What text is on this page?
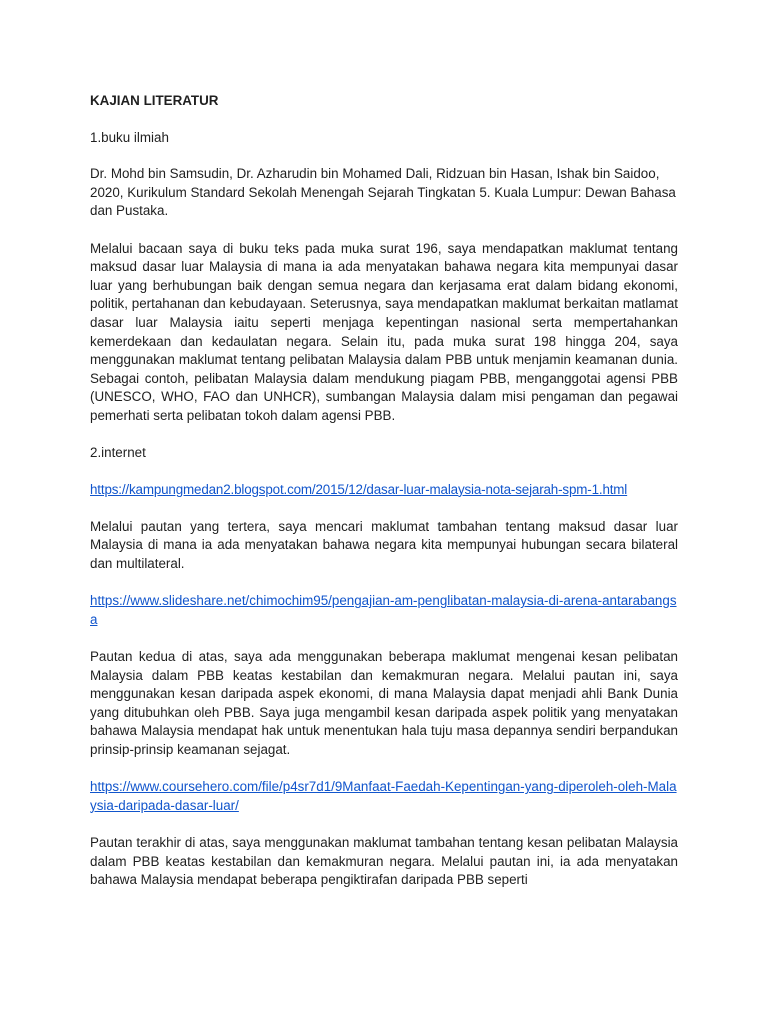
KAJIAN LITERATUR
1.buku ilmiah

Dr. Mohd bin Samsudin, Dr. Azharudin bin Mohamed Dali, Ridzuan bin Hasan, Ishak bin Saidoo, 2020, Kurikulum Standard Sekolah Menengah Sejarah Tingkatan 5. Kuala Lumpur: Dewan Bahasa dan Pustaka.

Melalui bacaan saya di buku teks pada muka surat 196, saya mendapatkan maklumat tentang maksud dasar luar Malaysia di mana ia ada menyatakan bahawa negara kita mempunyai dasar luar yang berhubungan baik dengan semua negara dan kerjasama erat dalam bidang ekonomi, politik, pertahanan dan kebudayaan. Seterusnya, saya mendapatkan maklumat berkaitan matlamat dasar luar Malaysia iaitu seperti menjaga kepentingan nasional serta mempertahankan kemerdekaan dan kedaulatan negara. Selain itu, pada muka surat 198 hingga 204, saya menggunakan maklumat tentang pelibatan Malaysia dalam PBB untuk menjamin keamanan dunia. Sebagai contoh, pelibatan Malaysia dalam mendukung piagam PBB, menganggotai agensi PBB (UNESCO, WHO, FAO dan UNHCR), sumbangan Malaysia dalam misi pengaman dan pegawai pemerhati serta pelibatan tokoh dalam agensi PBB.

2.internet
https://kampungmedan2.blogspot.com/2015/12/dasar-luar-malaysia-nota-sejarah-spm-1.html

Melalui pautan yang tertera, saya mencari maklumat tambahan tentang maksud dasar luar Malaysia di mana ia ada menyatakan bahawa negara kita mempunyai hubungan secara bilateral dan multilateral.

https://www.slideshare.net/chimochim95/pengajian-am-penglibatan-malaysia-di-arena-antarabangsa

Pautan kedua di atas, saya ada menggunakan beberapa maklumat mengenai kesan pelibatan Malaysia dalam PBB keatas kestabilan dan kemakmuran negara. Melalui pautan ini, saya menggunakan kesan daripada aspek ekonomi, di mana Malaysia dapat menjadi ahli Bank Dunia yang ditubuhkan oleh PBB. Saya juga mengambil kesan daripada aspek politik yang menyatakan bahawa Malaysia mendapat hak untuk menentukan hala tuju masa depannya sendiri berpandukan prinsip-prinsip keamanan sejagat.

https://www.coursehero.com/file/p4sr7d1/9Manfaat-Faedah-Kepentingan-yang-diperoleh-oleh-Malaysia-daripada-dasar-luar/

Pautan terakhir di atas, saya menggunakan maklumat tambahan tentang kesan pelibatan Malaysia dalam PBB keatas kestabilan dan kemakmuran negara. Melalui pautan ini, ia ada menyatakan bahawa Malaysia mendapat beberapa pengiktirafan daripada PBB seperti
